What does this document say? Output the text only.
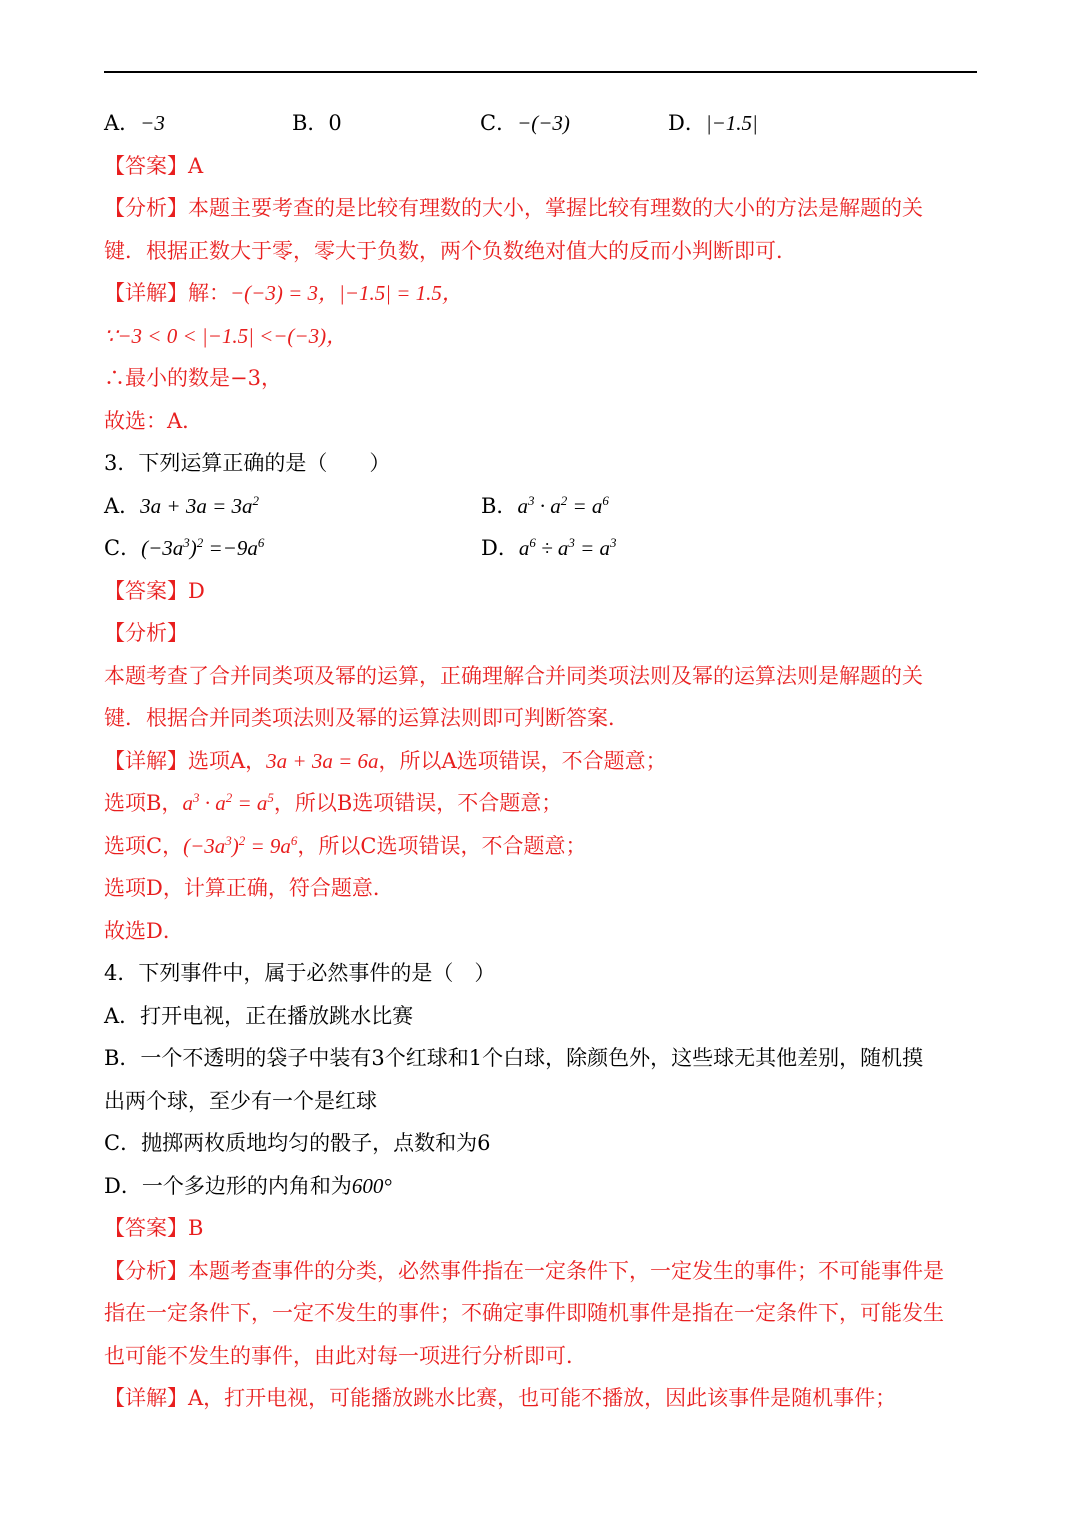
A．−3	B．0	C．−(−3)	D．|−1.5|
【答案】A
【分析】本题主要考查的是比较有理数的大小，掌握比较有理数的大小的方法是解题的关
键．根据正数大于零，零大于负数，两个负数绝对值大的反而小判断即可．
【详解】解：−(−3) = 3，|−1.5| = 1.5，
∵−3 < 0 < |−1.5| <−(−3)，
∴最小的数是−3，
故选：A．
3．下列运算正确的是（　　）
A．$3a + 3a = 3a^2$	B．$a^3 \cdot a^2 = a^6$
C．$(-3a^3)^2 =-9a^6$	D．$a^6 \div a^3 = a^3$
【答案】D
【分析】
本题考查了合并同类项及幂的运算，正确理解合并同类项法则及幂的运算法则是解题的关
键．根据合并同类项法则及幂的运算法则即可判断答案．
【详解】选项A，3a + 3a = 6a，所以A选项错误，不合题意；
选项B，$a^3 \cdot a^2 = a^5$，所以B选项错误，不合题意；
选项C，$(-3a^3)^2 = 9a^6$，所以C选项错误，不合题意；
选项D，计算正确，符合题意．
故选D．
4．下列事件中，属于必然事件的是（　）
A．打开电视，正在播放跳水比赛
B．一个不透明的袋子中装有3个红球和1个白球，除颜色外，这些球无其他差别，随机摸
出两个球，至少有一个是红球
C．抛掷两枚质地均匀的骰子，点数和为6
D．一个多边形的内角和为600°
【答案】B
【分析】本题考查事件的分类，必然事件指在一定条件下，一定发生的事件；不可能事件是
指在一定条件下，一定不发生的事件；不确定事件即随机事件是指在一定条件下，可能发生
也可能不发生的事件，由此对每一项进行分析即可．
【详解】A，打开电视，可能播放跳水比赛，也可能不播放，因此该事件是随机事件；
